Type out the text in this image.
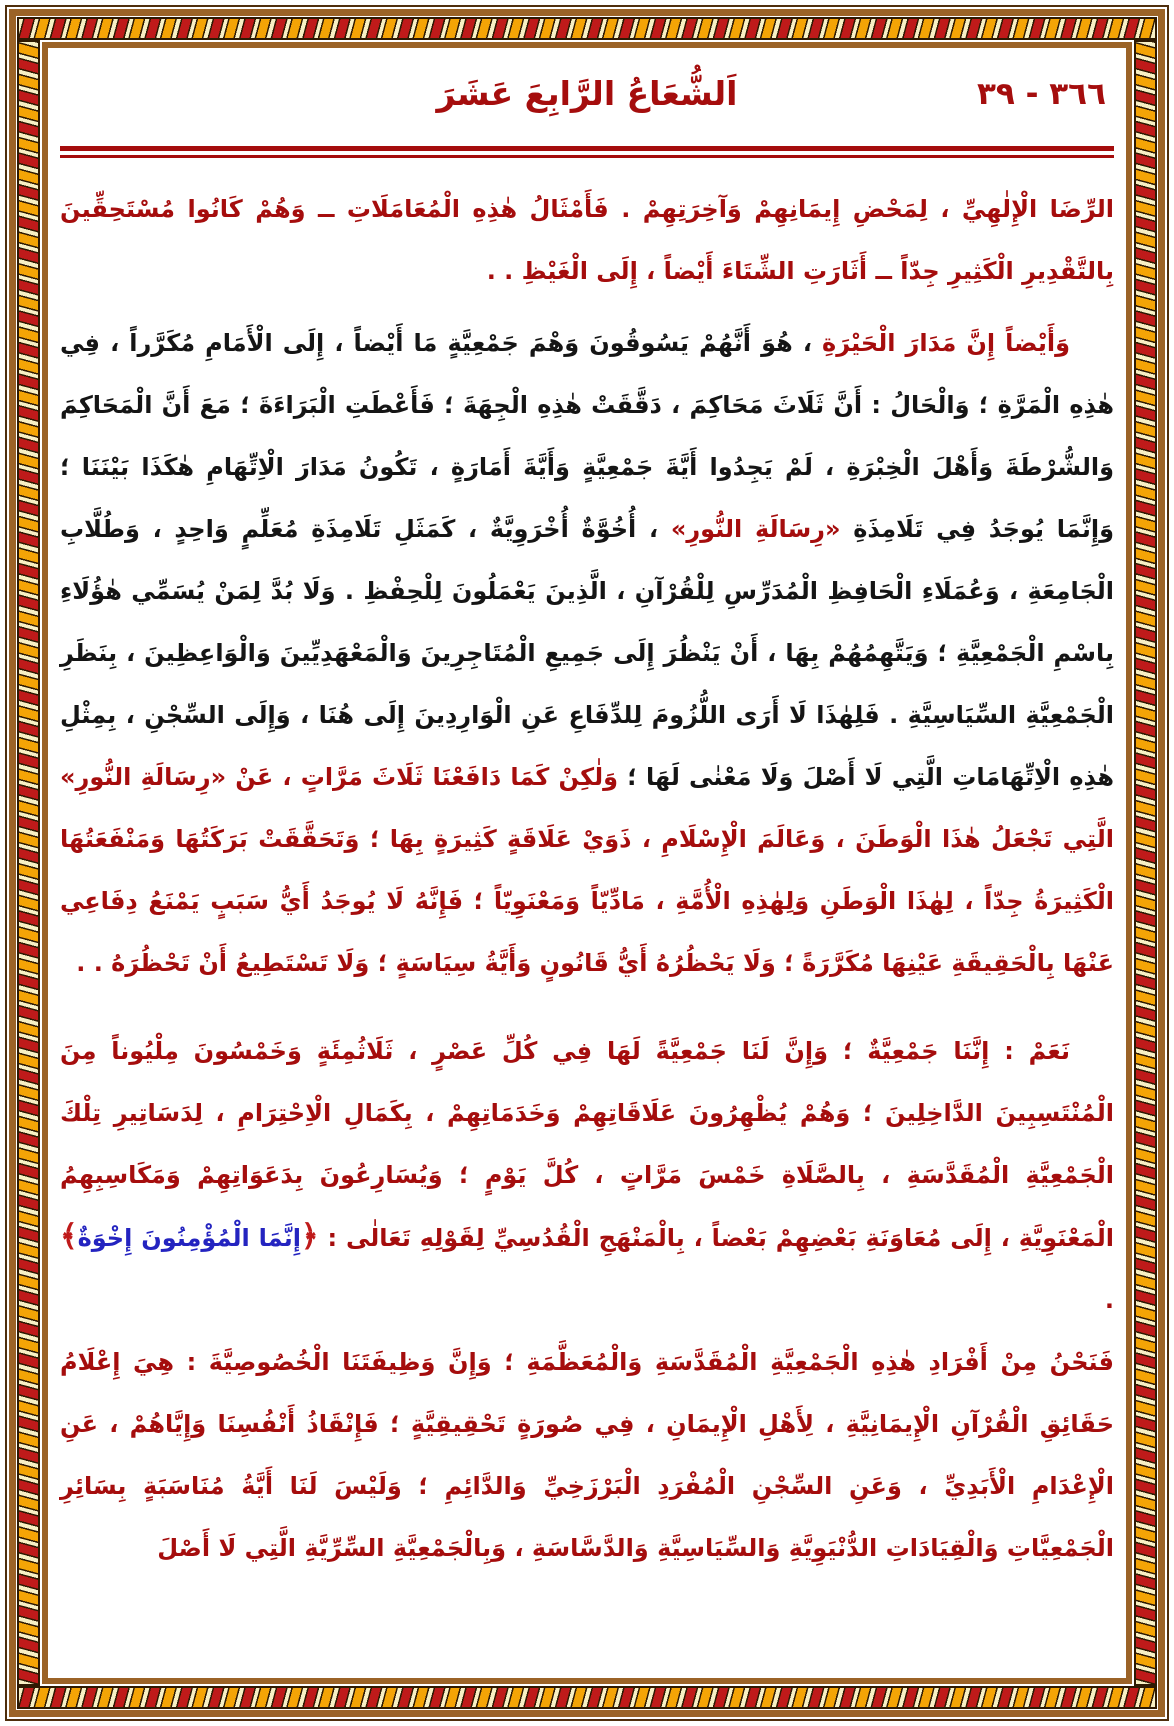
اَلشُّعَاعُ الرَّابِعَ عَشَرَ	٣٦٦ - ٣٩

الرِّضَا الْإِلٰهِيِّ ، لِمَحْضِ إِيمَانِهِمْ وَآخِرَتِهِمْ . فَأَمْثَالُ هٰذِهِ الْمُعَامَلَاتِ ــ وَهُمْ كَانُوا مُسْتَحِقِّينَ بِالتَّقْدِيرِ الْكَثِيرِ جِدّاً ــ أَثَارَتِ الشِّتَاءَ أَيْضاً ، إِلَى الْغَيْظِ . .

وَأَيْضاً إِنَّ مَدَارَ الْحَيْرَةِ ، هُوَ أَنَّهُمْ يَسُوقُونَ وَهْمَ جَمْعِيَّةٍ مَا أَيْضاً ، إِلَى الْأَمَامِ مُكَرَّراً ، فِي هٰذِهِ الْمَرَّةِ ؛ وَالْحَالُ : أَنَّ ثَلَاثَ مَحَاكِمَ ، دَقَّقَتْ هٰذِهِ الْجِهَةَ ؛ فَأَعْطَتِ الْبَرَاءَةَ ؛ مَعَ أَنَّ الْمَحَاكِمَ وَالشُّرْطَةَ وَأَهْلَ الْخِبْرَةِ ، لَمْ يَجِدُوا أَيَّةَ جَمْعِيَّةٍ وَأَيَّةَ أَمَارَةٍ ، تَكُونُ مَدَارَ الْاِتِّهَامِ هٰكَذَا بَيْنَنَا ؛ وَإِنَّمَا يُوجَدُ فِي تَلَامِذَةِ «رِسَالَةِ النُّورِ» ، أُخُوَّةٌ أُخْرَوِيَّةٌ ، كَمَثَلِ تَلَامِذَةِ مُعَلِّمٍ وَاحِدٍ ، وَطُلَّابِ الْجَامِعَةِ ، وَعُمَلَاءِ الْحَافِظِ الْمُدَرِّسِ لِلْقُرْآنِ ، الَّذِينَ يَعْمَلُونَ لِلْحِفْظِ . وَلَا بُدَّ لِمَنْ يُسَمِّي هٰؤُلَاءِ بِاسْمِ الْجَمْعِيَّةِ ؛ وَيَتَّهِمُهُمْ بِهَا ، أَنْ يَنْظُرَ إِلَى جَمِيعِ الْمُتَاجِرِينَ وَالْمَعْهَدِيِّينَ وَالْوَاعِظِينَ ، بِنَظَرِ الْجَمْعِيَّةِ السِّيَاسِيَّةِ . فَلِهٰذَا لَا أَرَى اللُّزُومَ لِلدِّفَاعِ عَنِ الْوَارِدِينَ إِلَى هُنَا ، وَإِلَى السِّجْنِ ، بِمِثْلِ هٰذِهِ الْاِتِّهَامَاتِ الَّتِي لَا أَصْلَ وَلَا مَعْنٰى لَهَا ؛ وَلٰكِنْ كَمَا دَافَعْنَا ثَلَاثَ مَرَّاتٍ ، عَنْ «رِسَالَةِ النُّورِ» الَّتِي تَجْعَلُ هٰذَا الْوَطَنَ ، وَعَالَمَ الْإِسْلَامِ ، ذَوَيْ عَلَاقَةٍ كَثِيرَةٍ بِهَا ؛ وَتَحَقَّقَتْ بَرَكَتُهَا وَمَنْفَعَتُهَا الْكَثِيرَةُ جِدّاً ، لِهٰذَا الْوَطَنِ وَلِهٰذِهِ الْأُمَّةِ ، مَادِّيّاً وَمَعْنَوِيّاً ؛ فَإِنَّهُ لَا يُوجَدُ أَيُّ سَبَبٍ يَمْنَعُ دِفَاعِي عَنْهَا بِالْحَقِيقَةِ عَيْنِهَا مُكَرَّرَةً ؛ وَلَا يَحْظُرُهُ أَيُّ قَانُونٍ وَأَيَّةُ سِيَاسَةٍ ؛ وَلَا تَسْتَطِيعُ أَنْ تَحْظُرَهُ . .

نَعَمْ : إِنَّنَا جَمْعِيَّةٌ ؛ وَإِنَّ لَنَا جَمْعِيَّةً لَهَا فِي كُلِّ عَصْرٍ ، ثَلَاثُمِئَةٍ وَخَمْسُونَ مِلْيُوناً مِنَ الْمُنْتَسِبِينَ الدَّاخِلِينَ ؛ وَهُمْ يُظْهِرُونَ عَلَاقَاتِهِمْ وَخَدَمَاتِهِمْ ، بِكَمَالِ الْاِحْتِرَامِ ، لِدَسَاتِيرِ تِلْكَ الْجَمْعِيَّةِ الْمُقَدَّسَةِ ، بِالصَّلَاةِ خَمْسَ مَرَّاتٍ ، كُلَّ يَوْمٍ ؛ وَيُسَارِعُونَ بِدَعَوَاتِهِمْ وَمَكَاسِبِهِمُ الْمَعْنَوِيَّةِ ، إِلَى مُعَاوَنَةِ بَعْضِهِمْ بَعْضاً ، بِالْمَنْهَجِ الْقُدُسِيِّ لِقَوْلِهِ تَعَالٰى : ﴿إِنَّمَا الْمُؤْمِنُونَ إِخْوَةٌ﴾ .

فَنَحْنُ مِنْ أَفْرَادِ هٰذِهِ الْجَمْعِيَّةِ الْمُقَدَّسَةِ وَالْمُعَظَّمَةِ ؛ وَإِنَّ وَظِيفَتَنَا الْخُصُوصِيَّةَ : هِيَ إِعْلَامُ حَقَائِقِ الْقُرْآنِ الْإِيمَانِيَّةِ ، لِأَهْلِ الْإِيمَانِ ، فِي صُورَةٍ تَحْقِيقِيَّةٍ ؛ فَإِنْقَاذُ أَنْفُسِنَا وَإِيَّاهُمْ ، عَنِ الْإِعْدَامِ الْأَبَدِيِّ ، وَعَنِ السِّجْنِ الْمُفْرَدِ الْبَرْزَخِيِّ وَالدَّائِمِ ؛ وَلَيْسَ لَنَا أَيَّةُ مُنَاسَبَةٍ بِسَائِرِ الْجَمْعِيَّاتِ وَالْقِيَادَاتِ الدُّنْيَوِيَّةِ وَالسِّيَاسِيَّةِ وَالدَّسَّاسَةِ ، وَبِالْجَمْعِيَّةِ السِّرِّيَّةِ الَّتِي لَا أَصْلَ
